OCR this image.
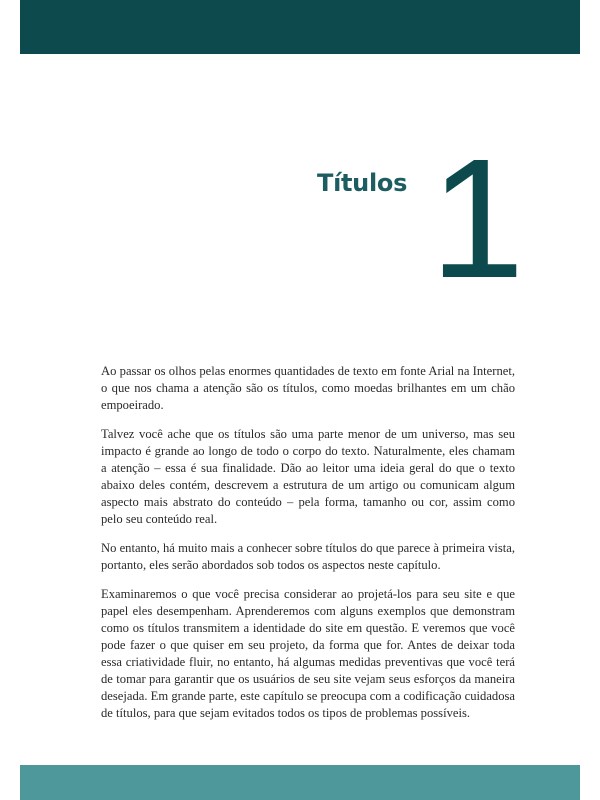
Títulos 1

Ao passar os olhos pelas enormes quantidades de texto em fonte Arial na Internet, o que nos chama a atenção são os títulos, como moedas brilhantes em um chão empoeirado.

Talvez você ache que os títulos são uma parte menor de um universo, mas seu impacto é grande ao longo de todo o corpo do texto. Naturalmente, eles chamam a atenção – essa é sua finalidade. Dão ao leitor uma ideia geral do que o texto abaixo deles contém, descrevem a estrutura de um artigo ou comunicam algum aspecto mais abstrato do conteúdo – pela forma, tamanho ou cor, assim como pelo seu conteúdo real.

No entanto, há muito mais a conhecer sobre títulos do que parece à primeira vista, portanto, eles serão abordados sob todos os aspectos neste capítulo.

Examinaremos o que você precisa considerar ao projetá-los para seu site e que papel eles desempenham. Aprenderemos com alguns exemplos que demonstram como os títulos transmitem a identidade do site em questão. E veremos que você pode fazer o que quiser em seu projeto, da forma que for. Antes de deixar toda essa criatividade fluir, no entanto, há algumas medidas preventivas que você terá de tomar para garantir que os usuários de seu site vejam seus esforços da maneira desejada. Em grande parte, este capítulo se preocupa com a codificação cuidadosa de títulos, para que sejam evitados todos os tipos de problemas possíveis.
